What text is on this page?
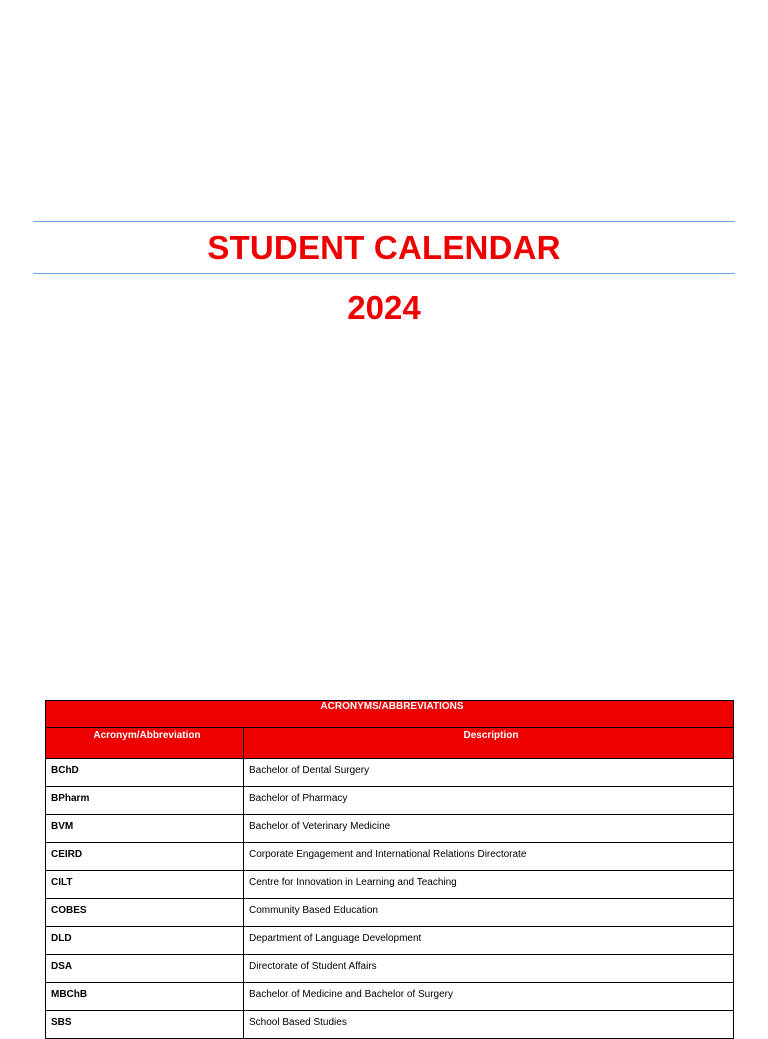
STUDENT CALENDAR
2024
ACRONYMS/ABBREVIATIONS	
Acronym/Abbreviation	Description
BChD	Bachelor of Dental Surgery
BPharm	Bachelor of Pharmacy
BVM	Bachelor of Veterinary Medicine
CEIRD	Corporate Engagement and International Relations Directorate
CILT	Centre for Innovation in Learning and Teaching
COBES	Community Based Education
DLD	Department of Language Development
DSA	Directorate of Student Affairs
MBChB	Bachelor of Medicine and Bachelor of Surgery
SBS	School Based Studies
